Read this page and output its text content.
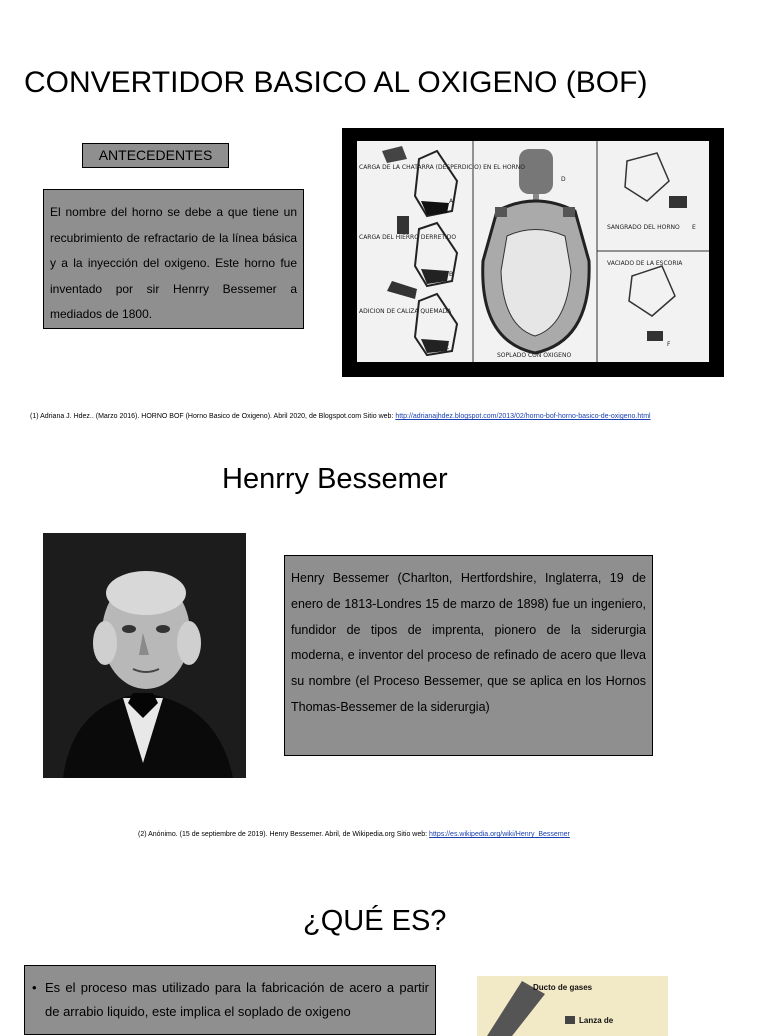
CONVERTIDOR BASICO AL OXIGENO (BOF)
ANTECEDENTES
El nombre del horno se debe a que tiene un recubrimiento de refractario de la línea básica y a la inyección del oxigeno. Este horno fue inventado por sir Henrry Bessemer a mediados de 1800.
CARGA DE LA CHATARRA (DESPERDICIO) EN EL HORNO
CARGA DEL HIERRO DERRETIDO
ADICION DE CALIZA QUEMADA
SOPLADO CON OXIGENO
SANGRADO DEL HORNO
VACIADO DE LA ESCORIA
A
B
C
D
E
F
(1) Adriana J. Hdez.. (Marzo 2016). HORNO BOF (Horno Basico de Oxigeno). Abril 2020, de Blogspot.com Sitio web: http://adrianajhdez.blogspot.com/2013/02/horno-bof-horno-basico-de-oxigeno.html
Henrry Bessemer
Henry Bessemer (Charlton, Hertfordshire, Inglaterra, 19 de enero de 1813-Londres 15 de marzo de 1898) fue un ingeniero, fundidor de tipos de imprenta, pionero de la siderurgia moderna, e inventor del proceso de refinado de acero que lleva su nombre (el Proceso Bessemer, que se aplica en los Hornos Thomas-Bessemer de la siderurgia)
(2) Anónimo. (15 de septiembre de 2019). Henry Bessemer. Abril, de Wikipedia.org Sitio web: https://es.wikipedia.org/wiki/Henry_Bessemer
¿QUÉ ES?
• Es el proceso mas utilizado para la fabricación de acero a partir de arrabio liquido, este implica el soplado de oxigeno
Ducto de gases
Lanza de
